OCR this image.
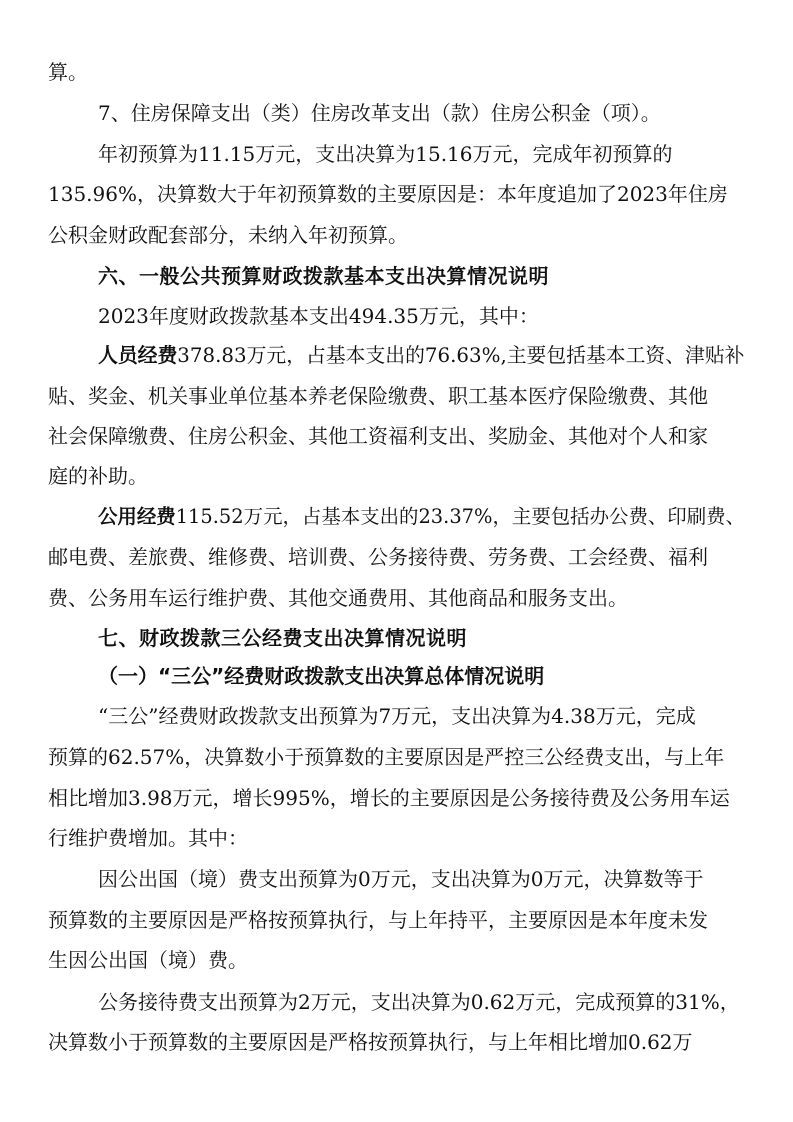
算。
7、住房保障支出（类）住房改革支出（款）住房公积金（项）。
年初预算为11.15万元，支出决算为15.16万元，完成年初预算的
135.96%，决算数大于年初预算数的主要原因是：本年度追加了2023年住房
公积金财政配套部分，未纳入年初预算。
六、一般公共预算财政拨款基本支出决算情况说明
2023年度财政拨款基本支出494.35万元，其中：
人员经费378.83万元，占基本支出的76.63%,主要包括基本工资、津贴补
贴、奖金、机关事业单位基本养老保险缴费、职工基本医疗保险缴费、其他
社会保障缴费、住房公积金、其他工资福利支出、奖励金、其他对个人和家
庭的补助。
公用经费115.52万元，占基本支出的23.37%，主要包括办公费、印刷费、
邮电费、差旅费、维修费、培训费、公务接待费、劳务费、工会经费、福利
费、公务用车运行维护费、其他交通费用、其他商品和服务支出。
七、财政拨款三公经费支出决算情况说明
（一）“三公”经费财政拨款支出决算总体情况说明
“三公”经费财政拨款支出预算为7万元，支出决算为4.38万元，完成
预算的62.57%，决算数小于预算数的主要原因是严控三公经费支出，与上年
相比增加3.98万元，增长995%，增长的主要原因是公务接待费及公务用车运
行维护费增加。其中：
因公出国（境）费支出预算为0万元，支出决算为0万元，决算数等于
预算数的主要原因是严格按预算执行，与上年持平，主要原因是本年度未发
生因公出国（境）费。
公务接待费支出预算为2万元，支出决算为0.62万元，完成预算的31%，
决算数小于预算数的主要原因是严格按预算执行，与上年相比增加0.62万
